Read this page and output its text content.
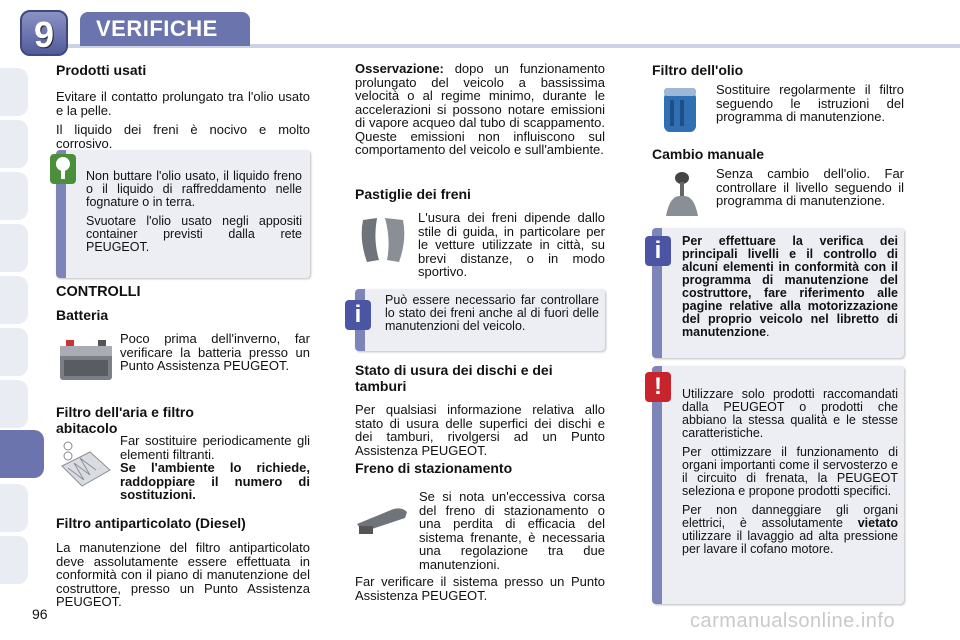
9	VERIFICHE
Prodotti usati

Evitare il contatto prolungato tra l'olio usato e la pelle.

Il liquido dei freni è nocivo e molto corrosivo.

Non buttare l'olio usato, il liquido freno o il liquido di raffreddamento nelle fognature o in terra.

Svuotare l'olio usato negli appositi container previsti dalla rete PEUGEOT.

CONTROLLI
Batteria

Poco prima dell'inverno, far verificare la batteria presso un Punto Assistenza PEUGEOT.

Filtro dell'aria e filtro abitacolo

Far sostituire periodicamente gli elementi filtranti.

Se l'ambiente lo richiede, raddoppiare il numero di sostituzioni.

Filtro antiparticolato (Diesel)

La manutenzione del filtro antiparticolato deve assolutamente essere effettuata in conformità con il piano di manutenzione del costruttore, presso un Punto Assistenza PEUGEOT.

Osservazione: dopo un funzionamento prolungato del veicolo a bassissima velocità o al regime minimo, durante le accelerazioni si possono notare emissioni di vapore acqueo dal tubo di scappamento. Queste emissioni non influiscono sul comportamento del veicolo e sull'ambiente.

Pastiglie dei freni

L'usura dei freni dipende dallo stile di guida, in particolare per le vetture utilizzate in città, su brevi distanze, o in modo sportivo.

Può essere necessario far controllare lo stato dei freni anche al di fuori delle manutenzioni del veicolo.

i
Stato di usura dei dischi e dei tamburi

Per qualsiasi informazione relativa allo stato di usura delle superfici dei dischi e dei tamburi, rivolgersi ad un Punto Assistenza PEUGEOT.

Freno di stazionamento

Se si nota un'eccessiva corsa del freno di stazionamento o una perdita di efficacia del sistema frenante, è necessaria una regolazione tra due manutenzioni.

Far verificare il sistema presso un Punto Assistenza PEUGEOT.

Filtro dell'olio

Sostituire regolarmente il filtro seguendo le istruzioni del programma di manutenzione.

Cambio manuale

Senza cambio dell'olio. Far controllare il livello seguendo il programma di manutenzione.

Per effettuare la verifica dei principali livelli e il controllo di alcuni elementi in conformità con il programma di manutenzione del costruttore, fare riferimento alle pagine relative alla motorizzazione del proprio veicolo nel libretto di manutenzione.

i

Utilizzare solo prodotti raccomandati dalla PEUGEOT o prodotti che abbiano la stessa qualità e le stesse caratteristiche.

Per ottimizzare il funzionamento di organi importanti come il servosterzo e il circuito di frenata, la PEUGEOT seleziona e propone prodotti specifici.

Per non danneggiare gli organi elettrici, è assolutamente vietato utilizzare il lavaggio ad alta pressione per lavare il cofano motore.

!
96	carmanualsonline.info
